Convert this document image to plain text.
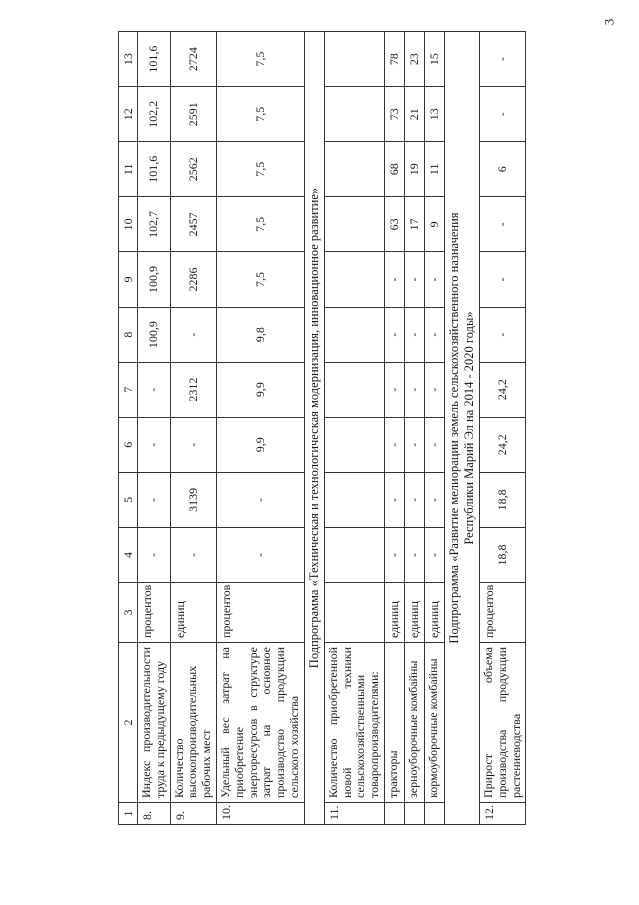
3
1	2	3	4	5	6	7	8	9	10	11	12	13
8.	Индекс производительности труда к предыдущему году	процентов	-	-	-	-	100,9	100,9	102,7	101,6	102,2	101,6
9.	Количество высокопроизводительных рабочих мест	единиц	-	3139	-	2312	-	2286	2457	2562	2591	2724
10.	Удельный вес затрат на приобретение энергоресурсов в структуре затрат на основное производство продукции сельского хозяйства	процентов	-	-	9,9	9,9	9,8	7,5	7,5	7,5	7,5	7,5

Подпрограмма «Техническая и технологическая модернизация, инновационное развитие»												

11.	Количество приобретенной новой техники сельскохозяйственными товаропроизводителями:											
	тракторы	единиц	-	-	-	-	-	-	63	68	73	78
	зерноуборочные комбайны	единиц	-	-	-	-	-	-	17	19	21	23
	кормоуборочные комбайны	единиц	-	-	-	-	-	-	9	11	13	15

Подпрограмма «Развитие мелиорации земель сельскохозяйственного назначения Республики Марий Эл на 2014 - 2020 годы»												

12.	Прирост объема производства продукции растениеводства	процентов	18,8	18,8	24,2	24,2	-	-	-	6	-	-
